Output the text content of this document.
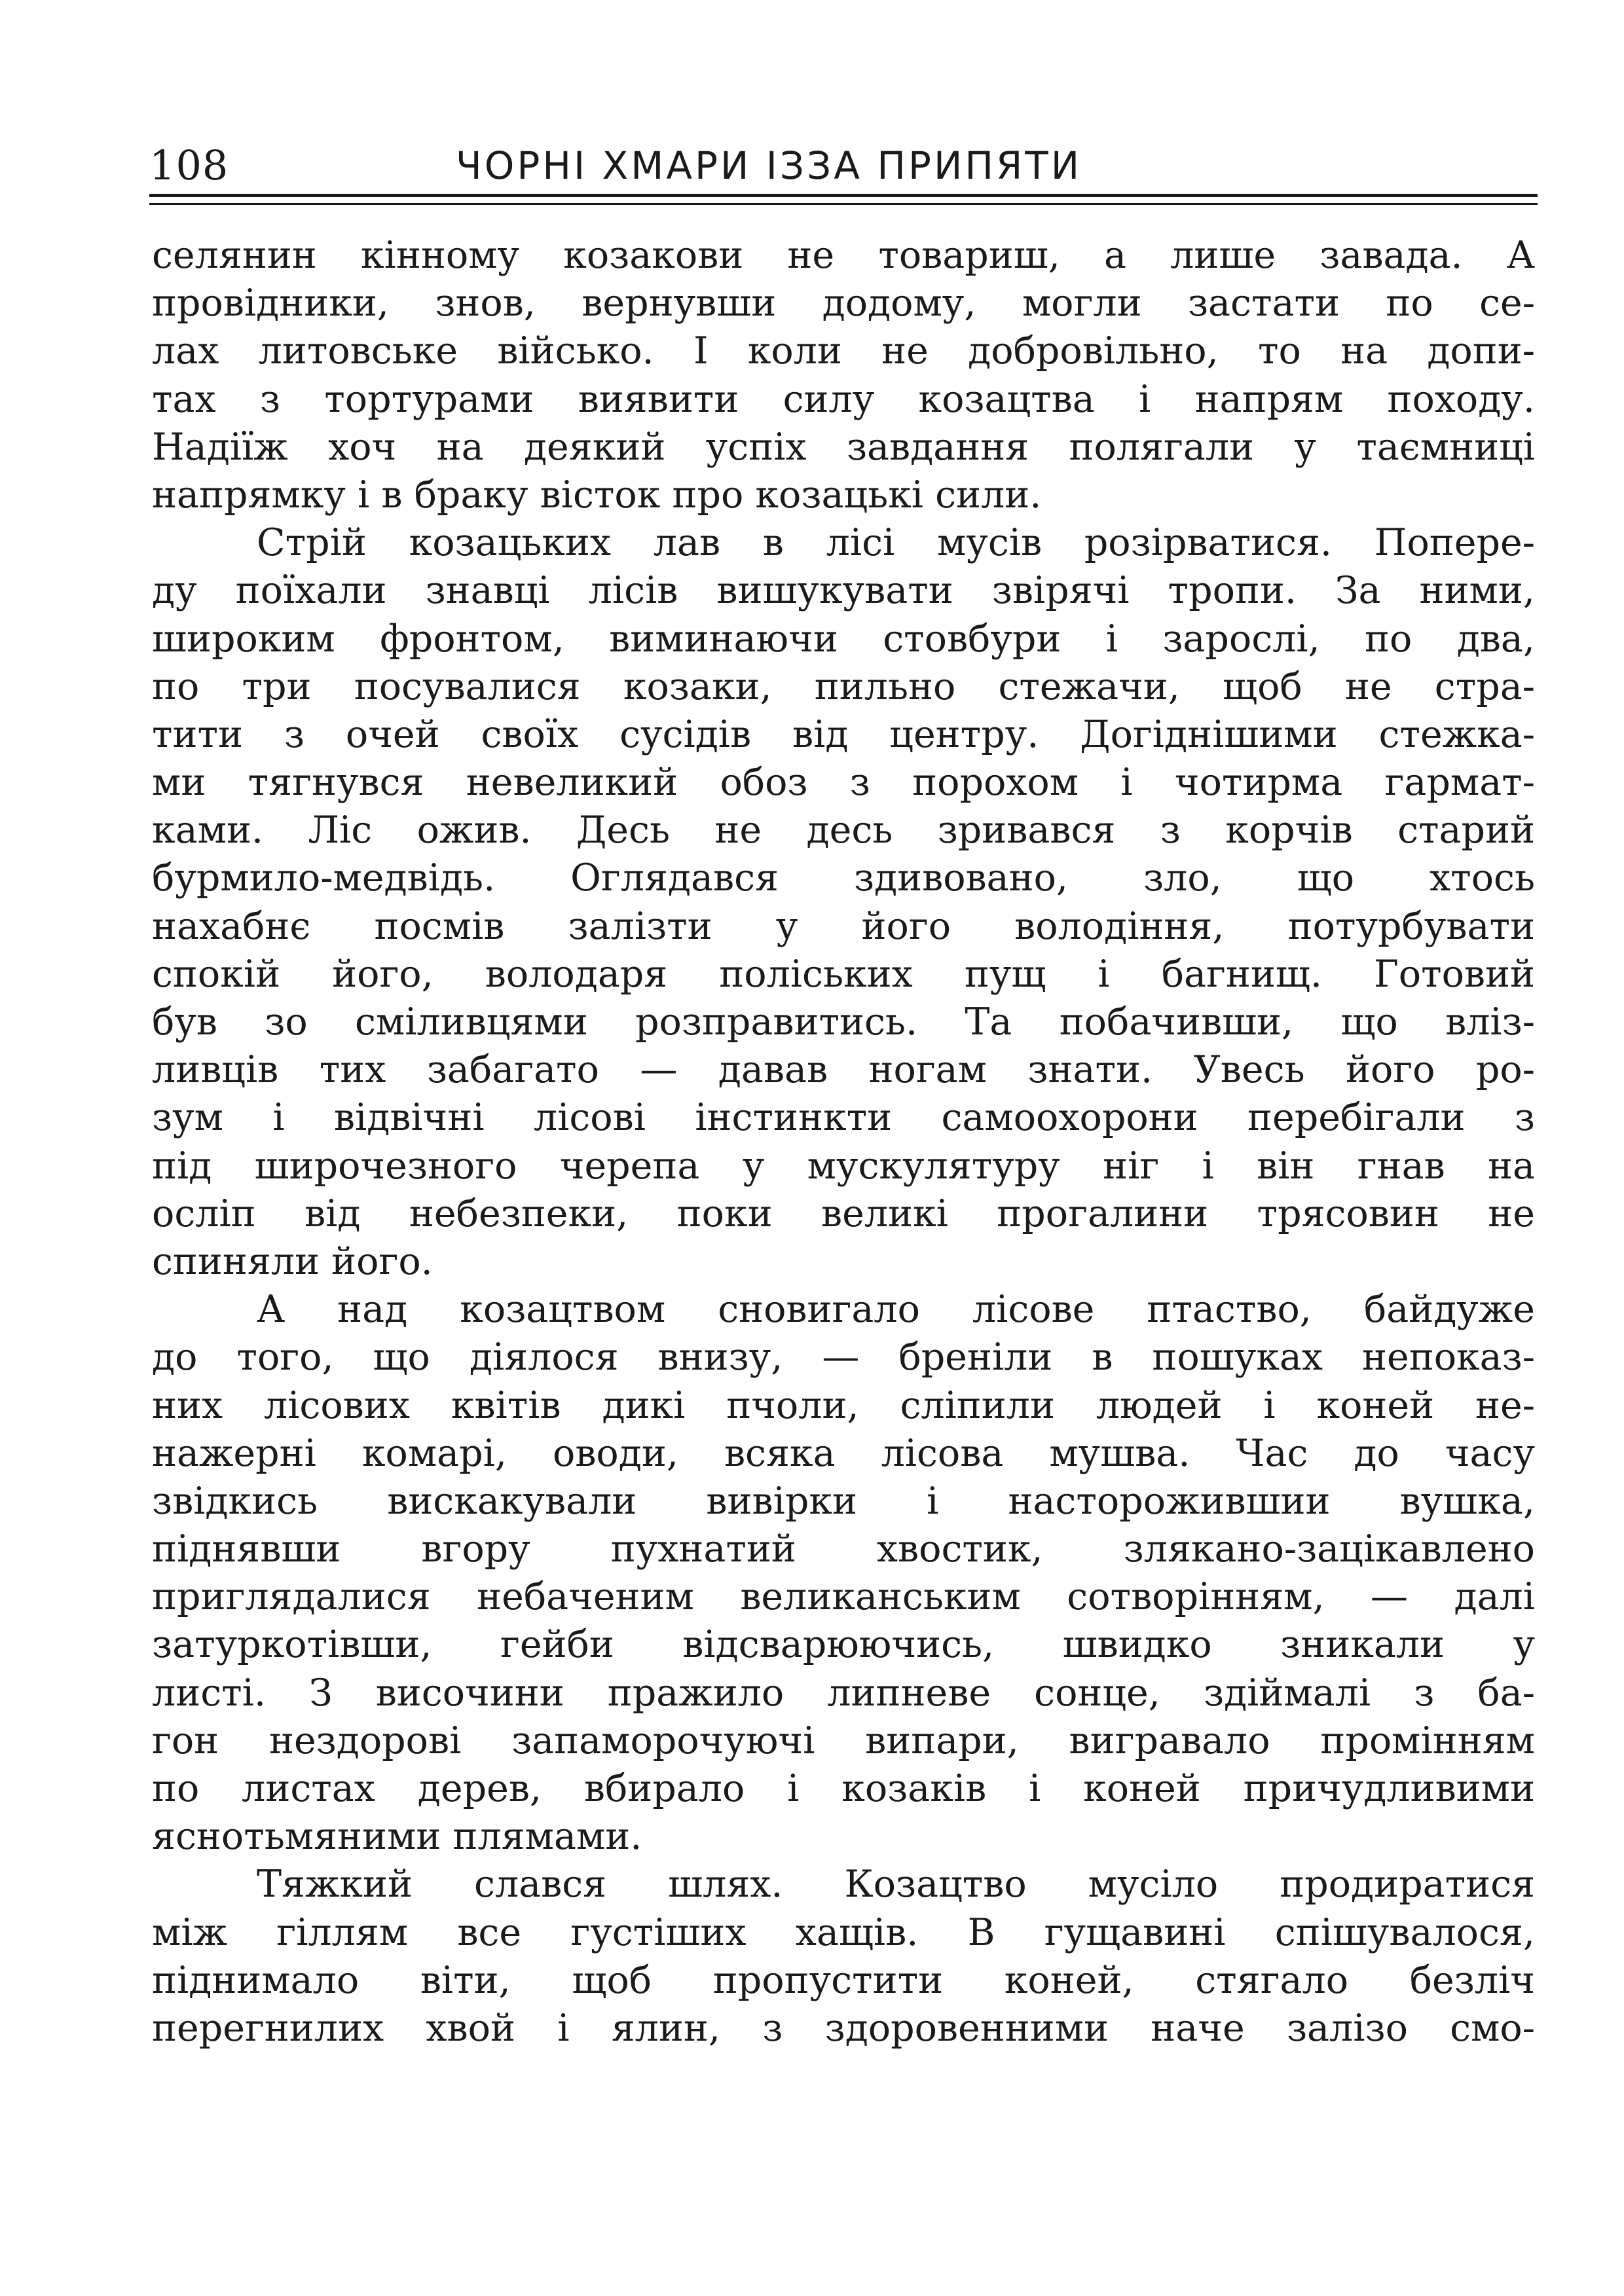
108	ЧОРНІ ХМАРИ ІЗЗА ПРИПЯТИ

селянин кінному козакови не товариш, а лише завада. А
провідники, знов, вернувши додому, могли застати по се-
лах литовське військо. І коли не добровільно, то на допи-
тах з тортурами виявити силу козацтва і напрям походу.
Надіїж хоч на деякий успіх завдання полягали у таємниці
напрямку і в браку вісток про козацькі сили.

Стрій козацьких лав в лісі мусів розірватися. Попере-
ду поїхали знавці лісів вишукувати звірячі тропи. За ними,
широким фронтом, виминаючи стовбури і зарослі, по два,
по три посувалися козаки, пильно стежачи, щоб не стра-
тити з очей своїх сусідів від центру. Догіднішими стежка-
ми тягнувся невеликий обоз з порохом і чотирма гармат-
ками. Ліс ожив. Десь не десь зривався з корчів старий
бурмило-медвідь. Оглядався здивовано, зло, що хтось
нахабнє посмів залізти у його володіння, потурбувати
спокій його, володаря поліських пущ і багнищ. Готовий
був зо сміливцями розправитись. Та побачивши, що влiз-
ливців тих забагато — давав ногам знати. Увесь його ро-
зум і відвічні лісові інстинкти самоохорони перебігали з
під широчезного черепа у мускулятуру ніг і він гнав на
осліп від небезпеки, поки великі прогалини трясовин не
спиняли його.

А над козацтвом сновигало лісове птаство, байдуже
до того, що діялося внизу, — бреніли в пошуках непоказ-
них лісових квітів дикі пчоли, сліпили людей і коней не-
нажерні комарі, оводи, всяка лісова мушва. Час до часу
звідкись вискакували вивірки і насторожившии вушка,
піднявши вгору пухнатий хвостик, злякано-зацікавлено
приглядалися небаченим великанським сотворінням, — далі
затуркотівши, гейби відсварюючись, швидко зникали у
листі. З височини пражило липневе сонце, здіймалі з ба-
гон нездорові запаморочуючі випари, вигравало промінням
по листах дерев, вбирало і козаків і коней причудливими
яснотьмяними плямами.

Тяжкий слався шлях. Козацтво мусіло продиратися
між гіллям все густіших хащів. В гущавині спішувалося,
піднимало віти, щоб пропустити коней, стягало безліч
перегнилих хвой і ялин, з здоровенними наче залізо смо-
